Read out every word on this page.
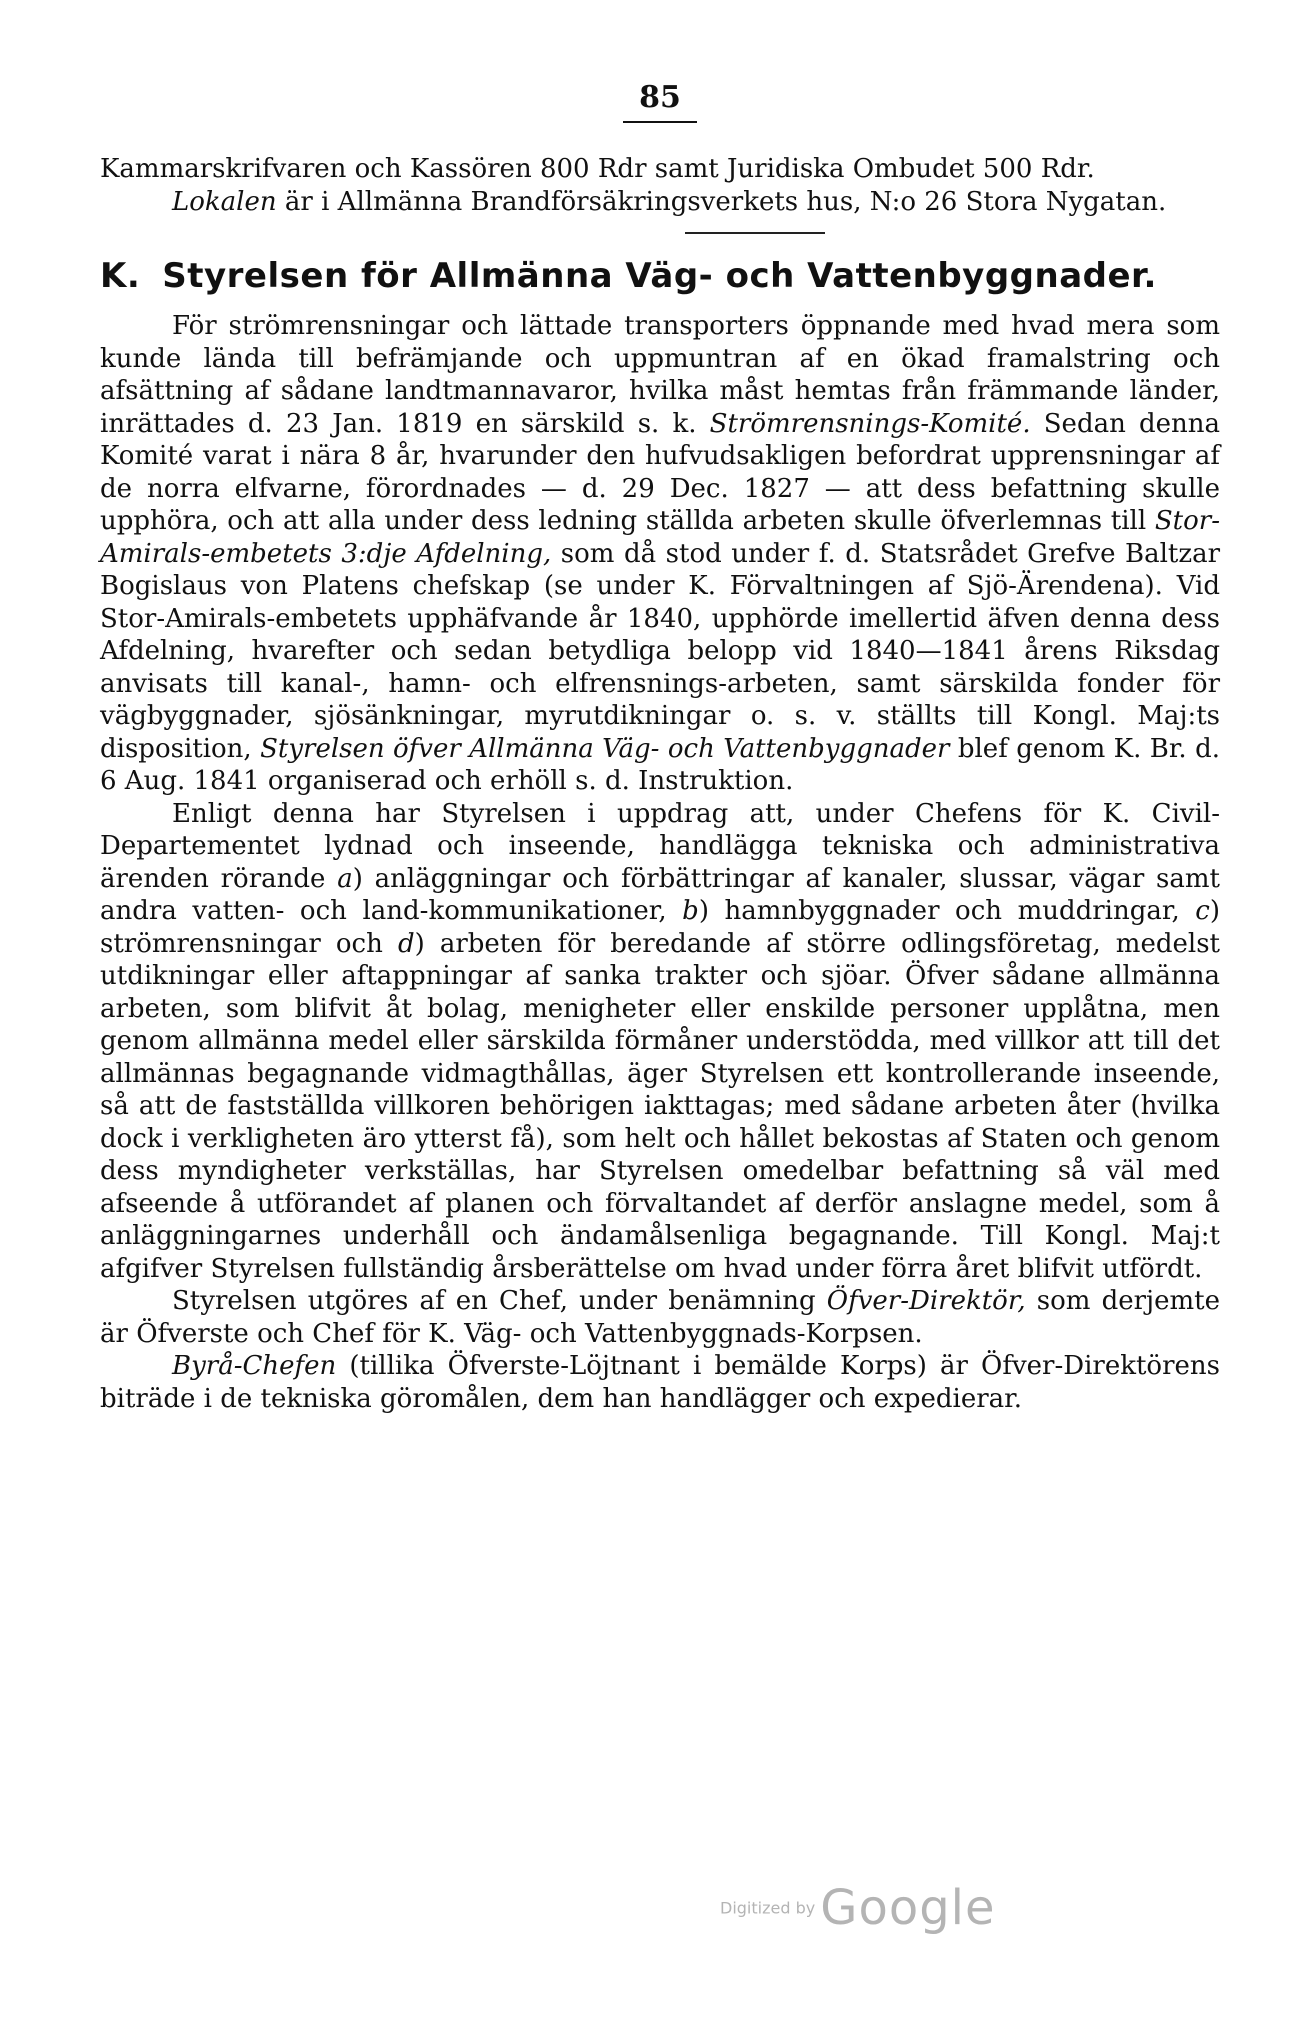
85

Kammarskrifvaren och Kassören 800 Rdr samt Juridiska Ombudet 500 Rdr.

Lokalen är i Allmänna Brandförsäkringsverkets hus, N:o 26 Stora Nygatan.

K. Styrelsen för Allmänna Väg- och Vattenbyggnader.

För strömrensningar och lättade transporters öppnande med hvad mera som kunde lända till befrämjande och uppmuntran af en ökad framalstring och afsättning af sådane landtmannavaror, hvilka måst hemtas från främmande länder, inrättades d. 23 Jan. 1819 en särskild s. k. Strömrensnings-Komité. Sedan denna Komité varat i nära 8 år, hvarunder den hufvudsakligen befordrat upprensningar af de norra elfvarne, förordnades — d. 29 Dec. 1827 — att dess befattning skulle upphöra, och att alla under dess ledning ställda arbeten skulle öfverlemnas till Stor-Amirals-embetets 3:dje Afdelning, som då stod under f. d. Statsrådet Grefve Baltzar Bogislaus von Platens chefskap (se under K. Förvaltningen af Sjö-Ärendena). Vid Stor-Amirals-embetets upphäfvande år 1840, upphörde imellertid äfven denna dess Afdelning, hvarefter och sedan betydliga belopp vid 1840—1841 årens Riksdag anvisats till kanal-, hamn- och elfrensnings-arbeten, samt särskilda fonder för vägbyggnader, sjösänkningar, myrutdikningar o. s. v. ställts till Kongl. Maj:ts disposition, Styrelsen öfver Allmänna Väg- och Vattenbyggnader blef genom K. Br. d. 6 Aug. 1841 organiserad och erhöll s. d. Instruktion.

Enligt denna har Styrelsen i uppdrag att, under Chefens för K. Civil-Departementet lydnad och inseende, handlägga tekniska och administrativa ärenden rörande a) anläggningar och förbättringar af kanaler, slussar, vägar samt andra vatten- och land-kommunikationer, b) hamnbyggnader och muddringar, c) strömrensningar och d) arbeten för beredande af större odlingsföretag, medelst utdikningar eller aftappningar af sanka trakter och sjöar. Öfver sådane allmänna arbeten, som blifvit åt bolag, menigheter eller enskilde personer upplåtna, men genom allmänna medel eller särskilda förmåner understödda, med villkor att till det allmännas begagnande vidmagthållas, äger Styrelsen ett kontrollerande inseende, så att de fastställda villkoren behörigen iakttagas; med sådane arbeten åter (hvilka dock i verkligheten äro ytterst få), som helt och hållet bekostas af Staten och genom dess myndigheter verkställas, har Styrelsen omedelbar befattning så väl med afseende å utförandet af planen och förvaltandet af derför anslagne medel, som å anläggningarnes underhåll och ändamålsenliga begagnande. Till Kongl. Maj:t afgifver Styrelsen fullständig årsberättelse om hvad under förra året blifvit utfördt.

Styrelsen utgöres af en Chef, under benämning Öfver-Direktör, som derjemte är Öfverste och Chef för K. Väg- och Vattenbyggnads-Korpsen.

Byrå-Chefen (tillika Öfverste-Löjtnant i bemälde Korps) är Öfver-Direktörens biträde i de tekniska göromålen, dem han handlägger och expedierar.

Digitized by Google
